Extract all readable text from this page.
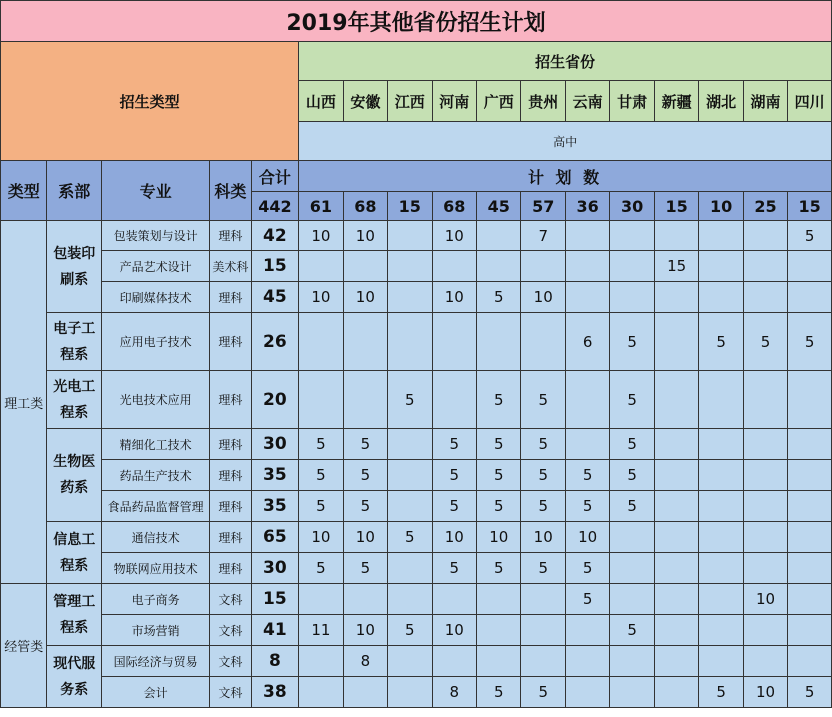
2019年其他省份招生计划																
招生类型					招生省份											
					山西	安徽	江西	河南	广西	贵州	云南	甘肃	新疆	湖北	湖南	四川
					高中											
类型	系部	专业	科类	合计	计 划 数											
				442	61	68	15	68	45	57	36	30	15	10	25	15
理工类	包装印刷系	包装策划与设计	理科	42	10	10		10		7						5
		产品艺术设计	美术科	15									15			
		印刷媒体技术	理科	45	10	10		10	5	10						
	电子工程系	应用电子技术	理科	26							6	5		5	5	5
	光电工程系	光电技术应用	理科	20			5		5	5		5				
	生物医药系	精细化工技术	理科	30	5	5		5	5	5		5				
		药品生产技术	理科	35	5	5		5	5	5	5	5				
		食品药品监督管理	理科	35	5	5		5	5	5	5	5				
	信息工程系	通信技术	理科	65	10	10	5	10	10	10	10					
		物联网应用技术	理科	30	5	5		5	5	5	5					
经管类	管理工程系	电子商务	文科	15							5				10	
		市场营销	文科	41	11	10	5	10				5				
	现代服务系	国际经济与贸易	文科	8		8										
		会计	文科	38				8	5	5				5	10	5
